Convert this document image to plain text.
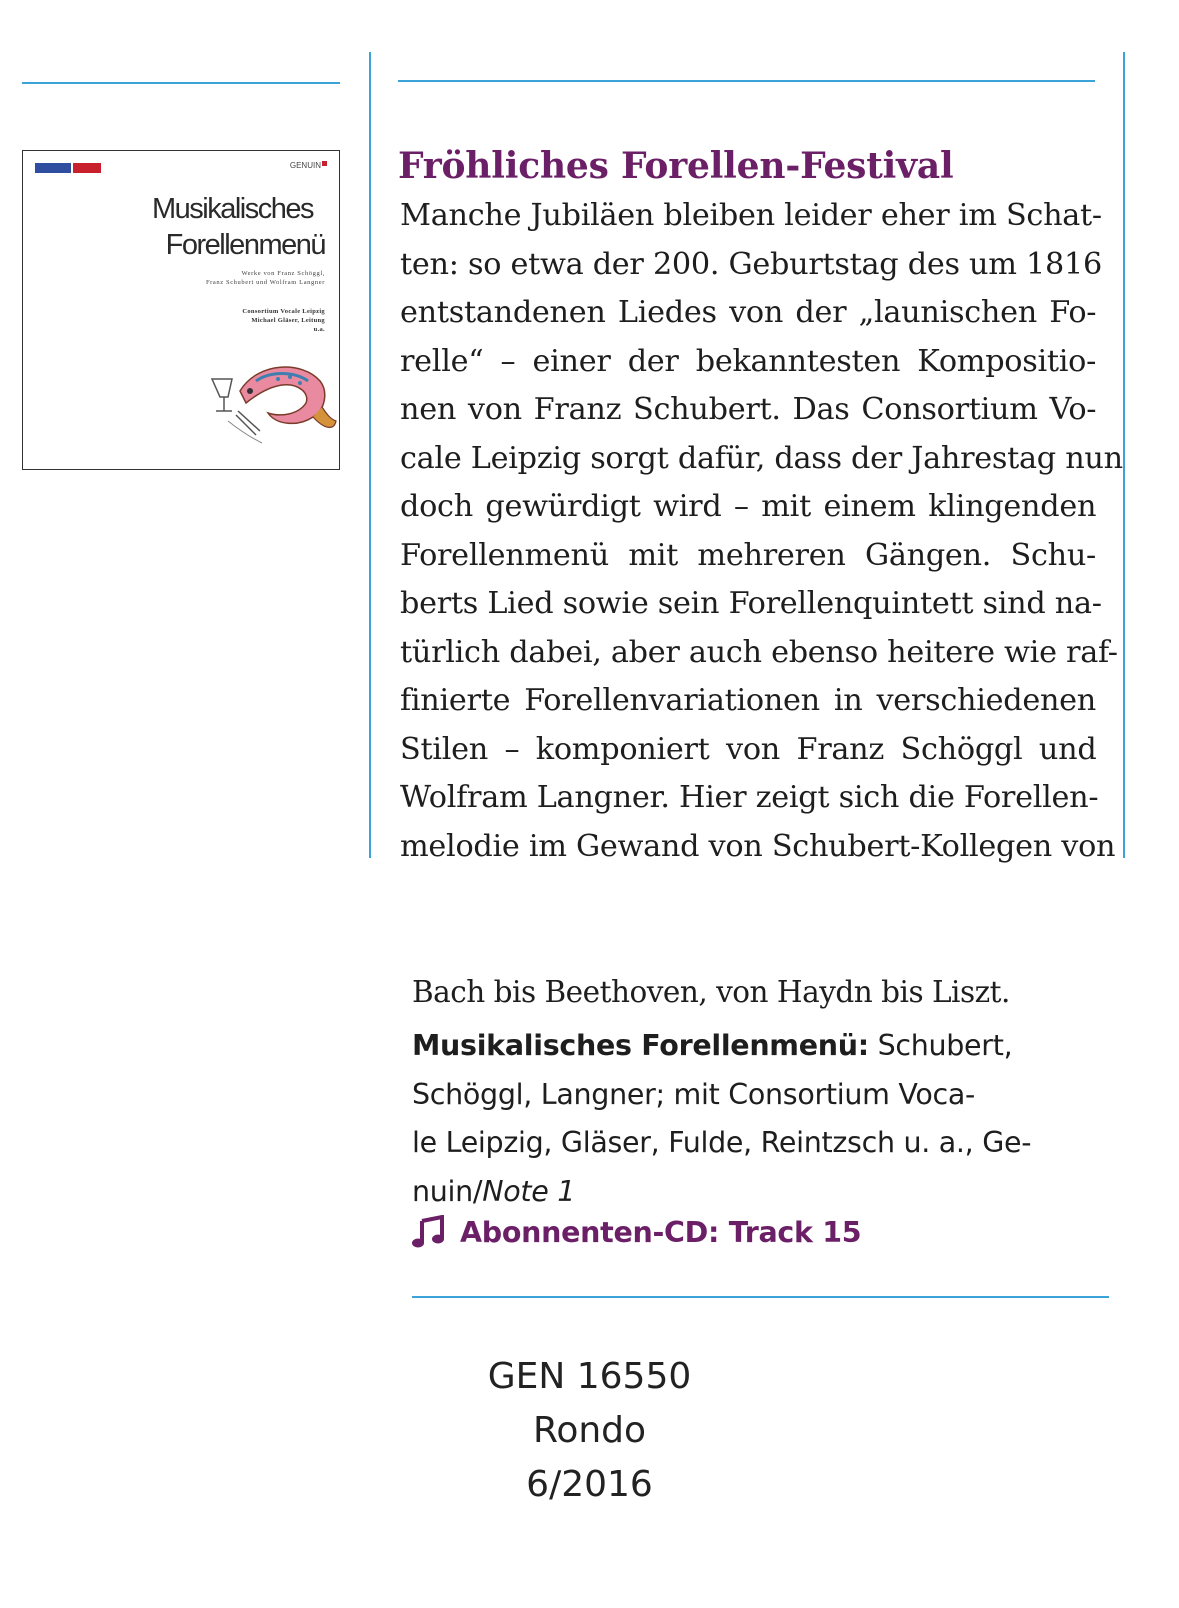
GENUIN
Musikalisches
Forellenmenü
Werke von Franz Schöggl,
Franz Schubert und Wolfram Langner
Consortium Vocale Leipzig
Michael Gläser, Leitung
u.a.
Fröhliches Forellen-Festival
Manche Jubiläen bleiben leider eher im Schat-
ten: so etwa der 200. Geburtstag des um 1816
entstandenen Liedes von der „launischen Fo-
relle“ – einer der bekanntesten Kompositio-
nen von Franz Schubert. Das Consortium Vo-
cale Leipzig sorgt dafür, dass der Jahrestag nun
doch gewürdigt wird – mit einem klingenden
Forellenmenü mit mehreren Gängen. Schu-
berts Lied sowie sein Forellenquintett sind na-
türlich dabei, aber auch ebenso heitere wie raf-
finierte Forellenvariationen in verschiedenen
Stilen – komponiert von Franz Schöggl und
Wolfram Langner. Hier zeigt sich die Forellen-
melodie im Gewand von Schubert-Kollegen von
Bach bis Beethoven, von Haydn bis Liszt.
Musikalisches Forellenmenü: Schubert,
Schöggl, Langner; mit Consortium Voca-
le Leipzig, Gläser, Fulde, Reintzsch u. a., Ge-
nuin/Note 1
Abonnenten-CD: Track 15
GEN 16550
Rondo
6/2016
